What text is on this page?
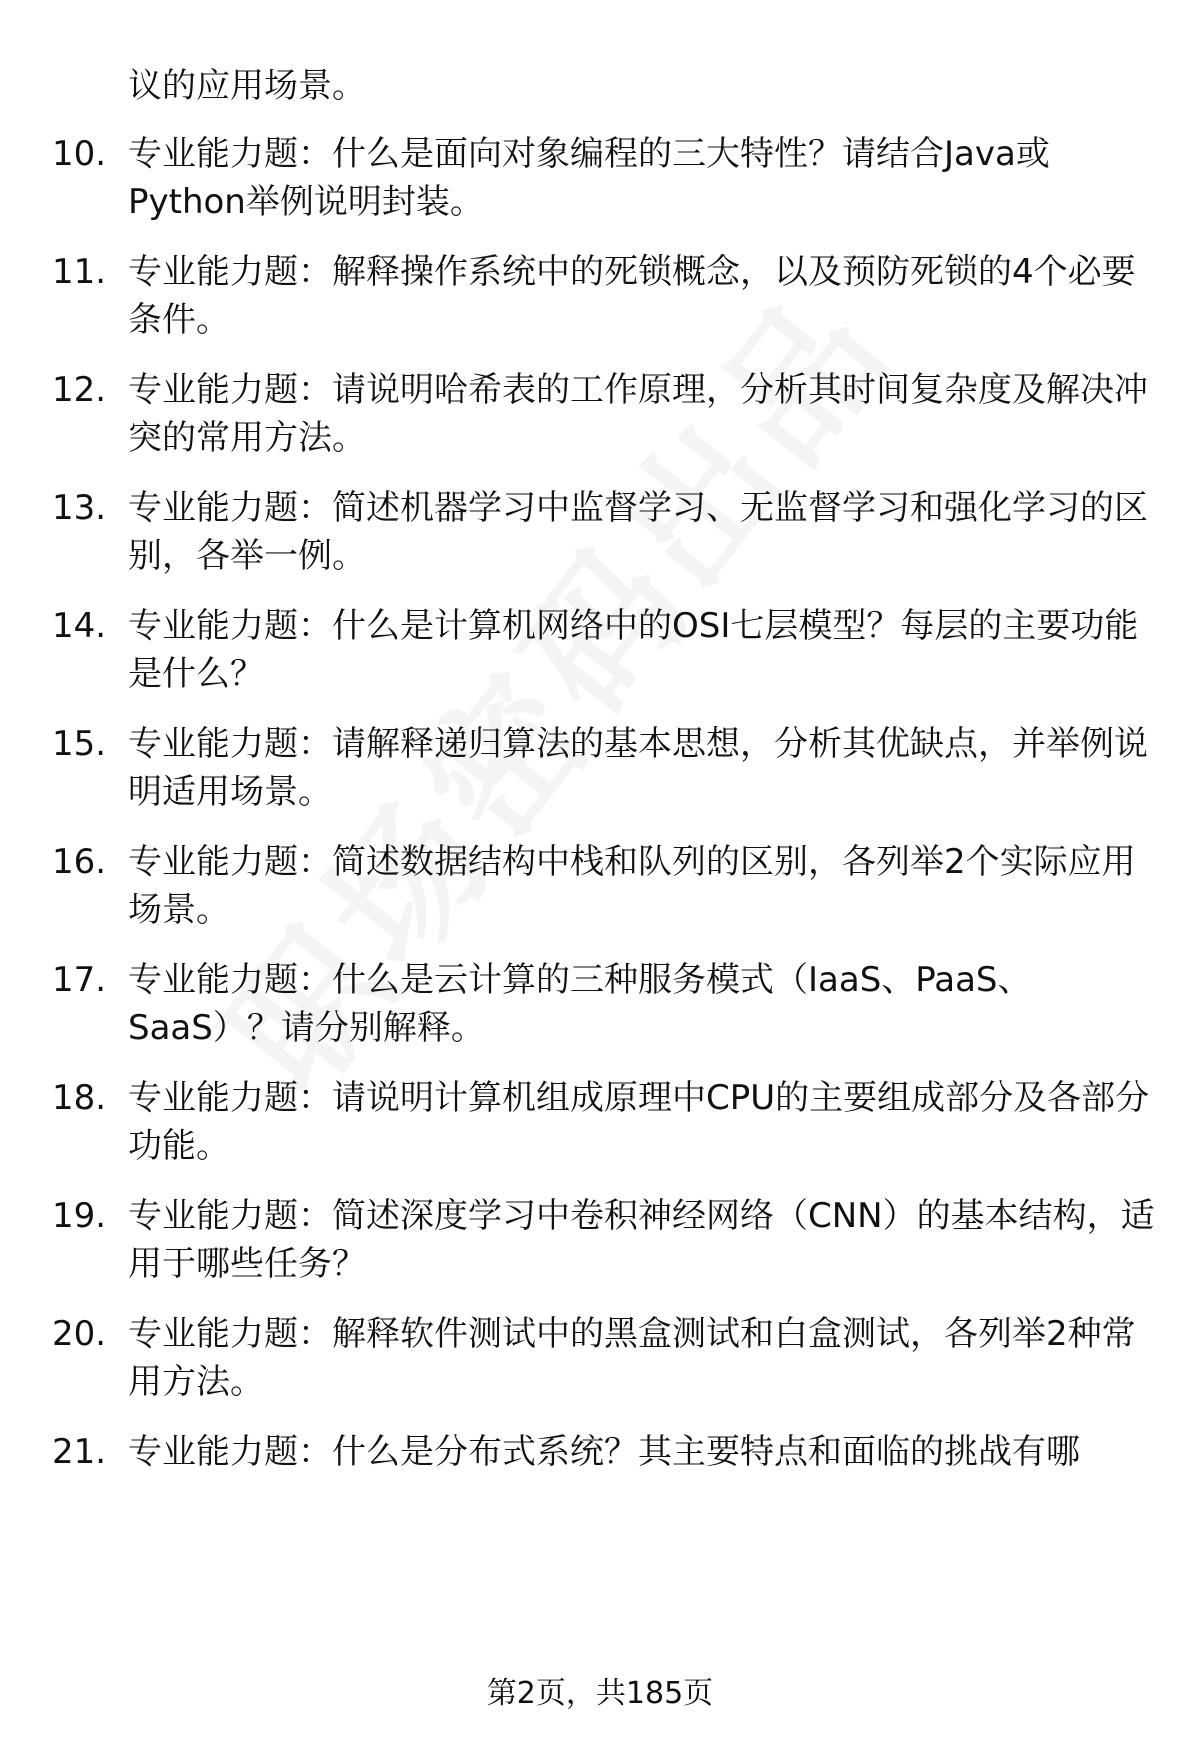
议的应用场景。
10. 专业能力题：什么是面向对象编程的三大特性？请结合Java或Python举例说明封装。
11. 专业能力题：解释操作系统中的死锁概念，以及预防死锁的4个必要条件。
12. 专业能力题：请说明哈希表的工作原理，分析其时间复杂度及解决冲突的常用方法。
13. 专业能力题：简述机器学习中监督学习、无监督学习和强化学习的区别，各举一例。
14. 专业能力题：什么是计算机网络中的OSI七层模型？每层的主要功能是什么？
15. 专业能力题：请解释递归算法的基本思想，分析其优缺点，并举例说明适用场景。
16. 专业能力题：简述数据结构中栈和队列的区别，各列举2个实际应用场景。
17. 专业能力题：什么是云计算的三种服务模式（IaaS、PaaS、SaaS）？请分别解释。
18. 专业能力题：请说明计算机组成原理中CPU的主要组成部分及各部分功能。
19. 专业能力题：简述深度学习中卷积神经网络（CNN）的基本结构，适用于哪些任务？
20. 专业能力题：解释软件测试中的黑盒测试和白盒测试，各列举2种常用方法。
21. 专业能力题：什么是分布式系统？其主要特点和面临的挑战有哪
第2页，共185页
